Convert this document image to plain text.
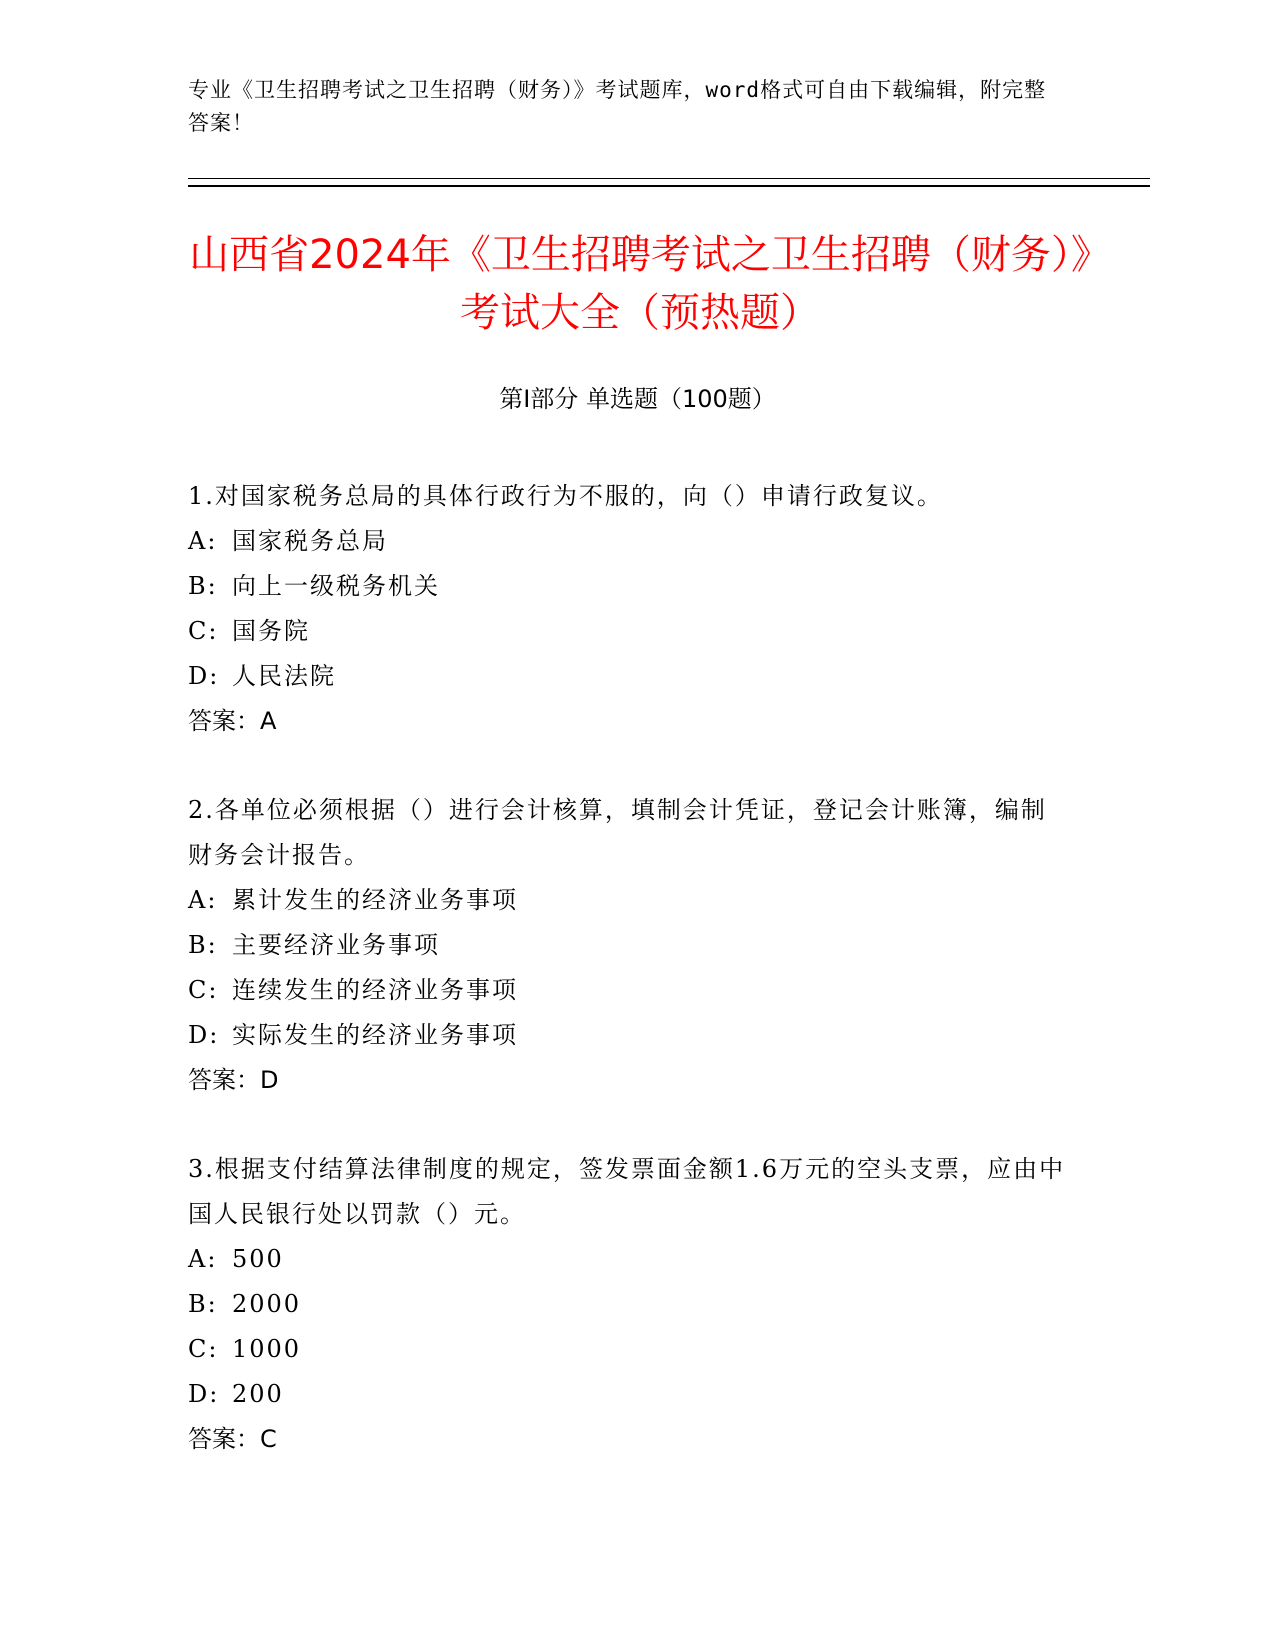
专业《卫生招聘考试之卫生招聘（财务）》考试题库，word格式可自由下载编辑，附完整答案！
山西省2024年《卫生招聘考试之卫生招聘（财务）》考试大全（预热题）
第I部分 单选题（100题）
1.对国家税务总局的具体行政行为不服的，向（）申请行政复议。
A: 国家税务总局
B: 向上一级税务机关
C: 国务院
D: 人民法院
答案：A
2.各单位必须根据（）进行会计核算，填制会计凭证，登记会计账簿，编制财务会计报告。
A: 累计发生的经济业务事项
B: 主要经济业务事项
C: 连续发生的经济业务事项
D: 实际发生的经济业务事项
答案：D
3.根据支付结算法律制度的规定，签发票面金额1.6万元的空头支票，应由中国人民银行处以罚款（）元。
A: 500
B: 2000
C: 1000
D: 200
答案：C
